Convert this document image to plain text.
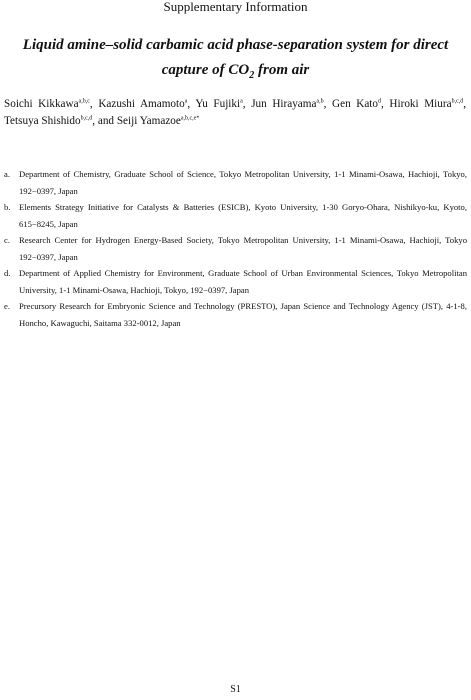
Supplementary Information
Liquid amine–solid carbamic acid phase-separation system for direct
capture of $CO_2$ from air
Soichi Kikkawa$^{a,b,c}$, Kazushi Amamoto$^a$, Yu Fujiki$^a$, Jun Hirayama$^{a,b}$, Gen Kato$^d$, Hiroki Miura$^{b,c,d}$, Tetsuya Shishido$^{b,c,d}$, and Seiji Yamazoe$^{a,b,c,e*}$
a. Department of Chemistry, Graduate School of Science, Tokyo Metropolitan University, 1-1 Minami-Osawa, Hachioji, Tokyo, 192−0397, Japan
b. Elements Strategy Initiative for Catalysts & Batteries (ESICB), Kyoto University, 1-30 Goryo-Ohara, Nishikyo-ku, Kyoto, 615−8245, Japan
c. Research Center for Hydrogen Energy-Based Society, Tokyo Metropolitan University, 1-1 Minami-Osawa, Hachioji, Tokyo 192−0397, Japan
d. Department of Applied Chemistry for Environment, Graduate School of Urban Environmental Sciences, Tokyo Metropolitan University, 1-1 Minami-Osawa, Hachioji, Tokyo, 192−0397, Japan
e. Precursory Research for Embryonic Science and Technology (PRESTO), Japan Science and Technology Agency (JST), 4-1-8, Honcho, Kawaguchi, Saitama 332-0012, Japan
S1
